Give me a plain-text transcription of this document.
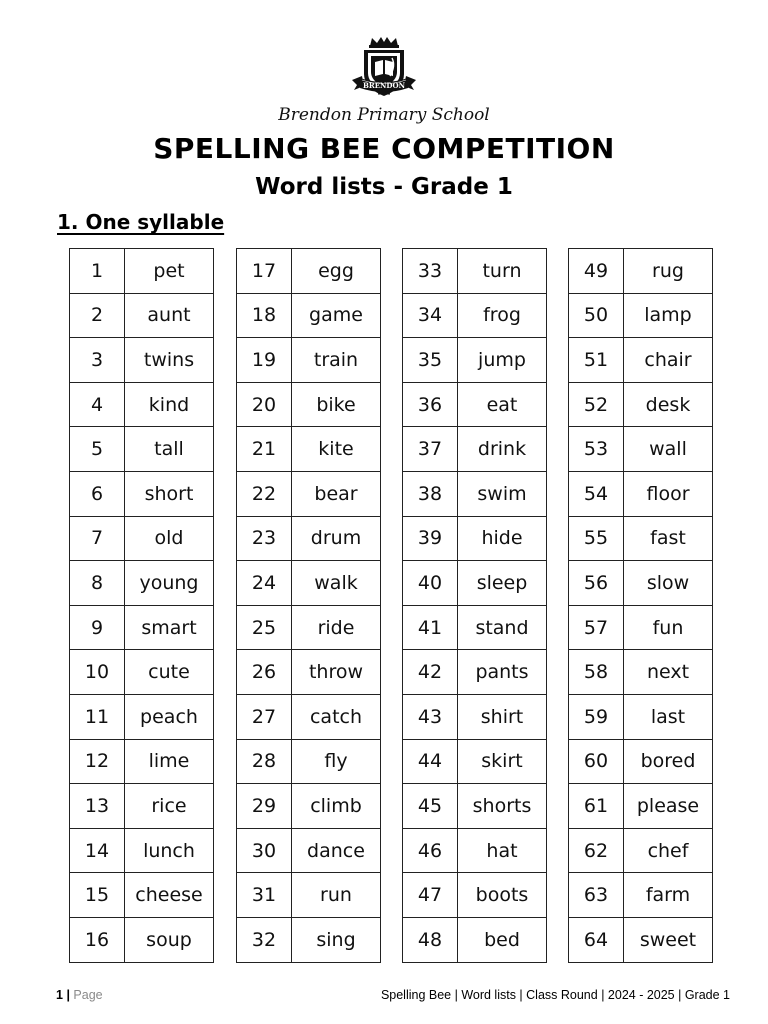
BRENDON
Brendon Primary School
SPELLING BEE COMPETITION
Word lists - Grade 1
1. One syllable
1	pet
2	aunt
3	twins
4	kind
5	tall
6	short
7	old
8	young
9	smart
10	cute
11	peach
12	lime
13	rice
14	lunch
15	cheese
16	soup
17	egg
18	game
19	train
20	bike
21	kite
22	bear
23	drum
24	walk
25	ride
26	throw
27	catch
28	fly
29	climb
30	dance
31	run
32	sing
33	turn
34	frog
35	jump
36	eat
37	drink
38	swim
39	hide
40	sleep
41	stand
42	pants
43	shirt
44	skirt
45	shorts
46	hat
47	boots
48	bed
49	rug
50	lamp
51	chair
52	desk
53	wall
54	floor
55	fast
56	slow
57	fun
58	next
59	last
60	bored
61	please
62	chef
63	farm
64	sweet
1 | Page	Spelling Bee | Word lists | Class Round | 2024 - 2025 | Grade 1
